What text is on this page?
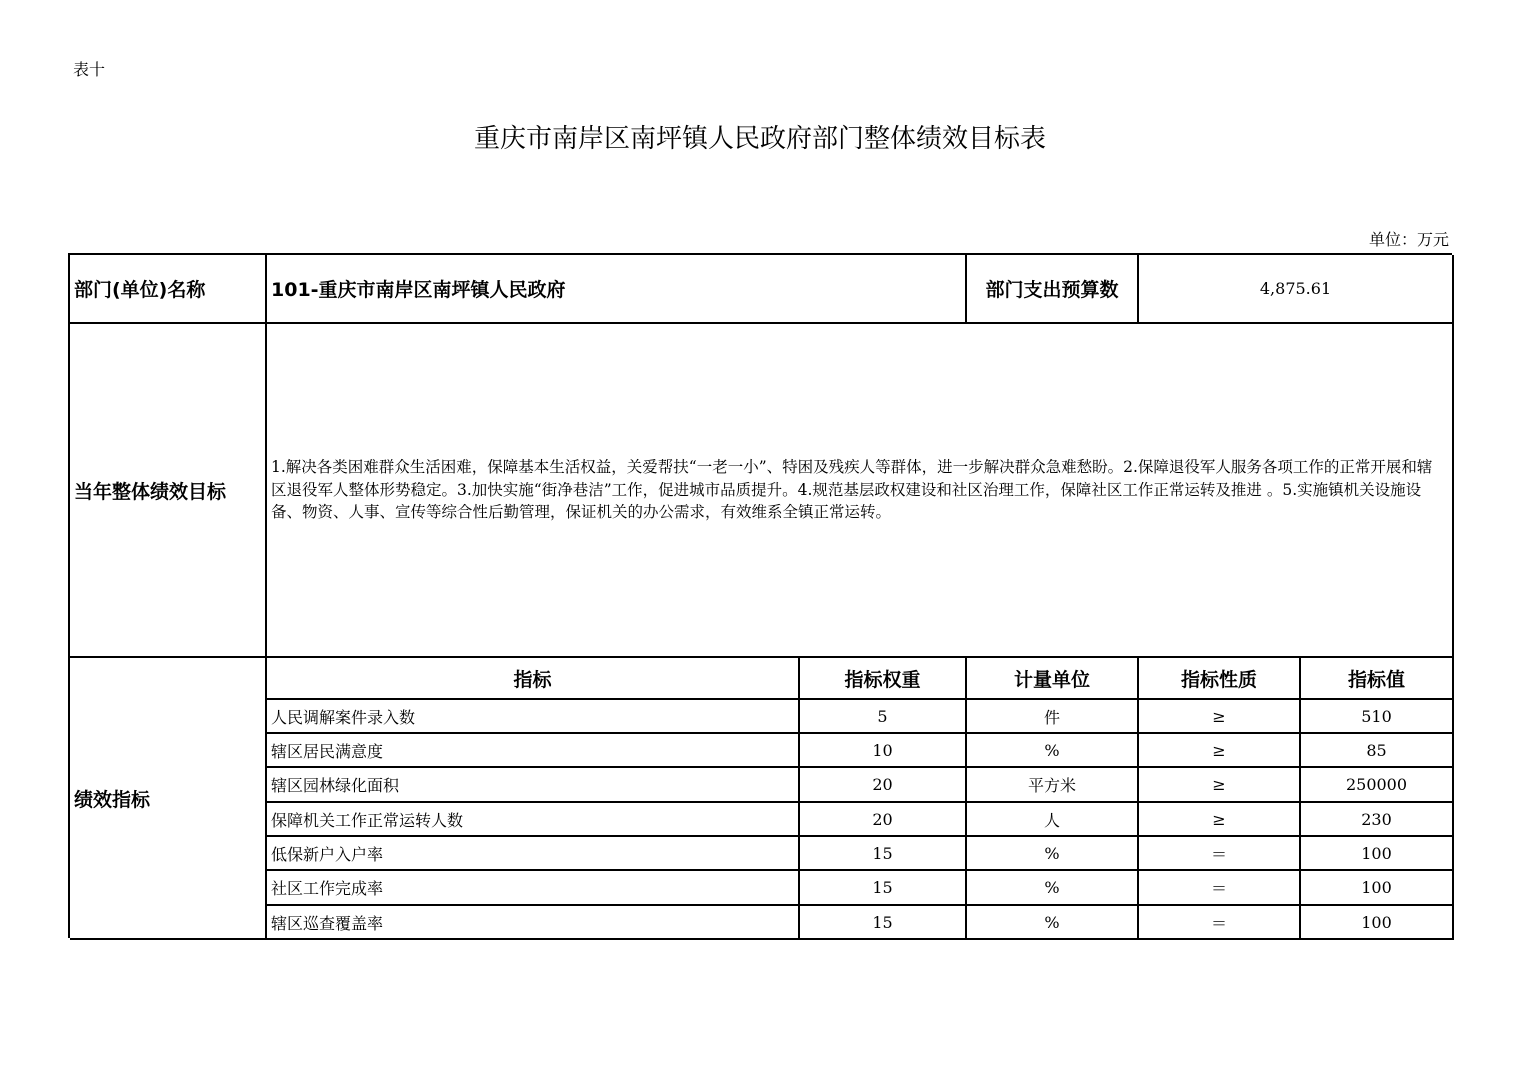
表十
重庆市南岸区南坪镇人民政府部门整体绩效目标表
单位：万元
部门(单位)名称	101-重庆市南岸区南坪镇人民政府	部门支出预算数	4,875.61
当年整体绩效目标
1.解决各类困难群众生活困难，保障基本生活权益，关爱帮扶“一老一小”、特困及残疾人等群体，进一步解决群众急难愁盼。2.保障退役军人服务各项工作的正常开展和辖区退役军人整体形势稳定。3.加快实施“街净巷洁”工作，促进城市品质提升。4.规范基层政权建设和社区治理工作，保障社区工作正常运转及推进 。5.实施镇机关设施设备、物资、人事、宣传等综合性后勤管理，保证机关的办公需求，有效维系全镇正常运转。
绩效指标
指标	指标权重	计量单位	指标性质	指标值
人民调解案件录入数	5	件	≥	510
辖区居民满意度	10	%	≥	85
辖区园林绿化面积	20	平方米	≥	250000
保障机关工作正常运转人数	20	人	≥	230
低保新户入户率	15	%	＝	100
社区工作完成率	15	%	＝	100
辖区巡查覆盖率	15	%	＝	100
